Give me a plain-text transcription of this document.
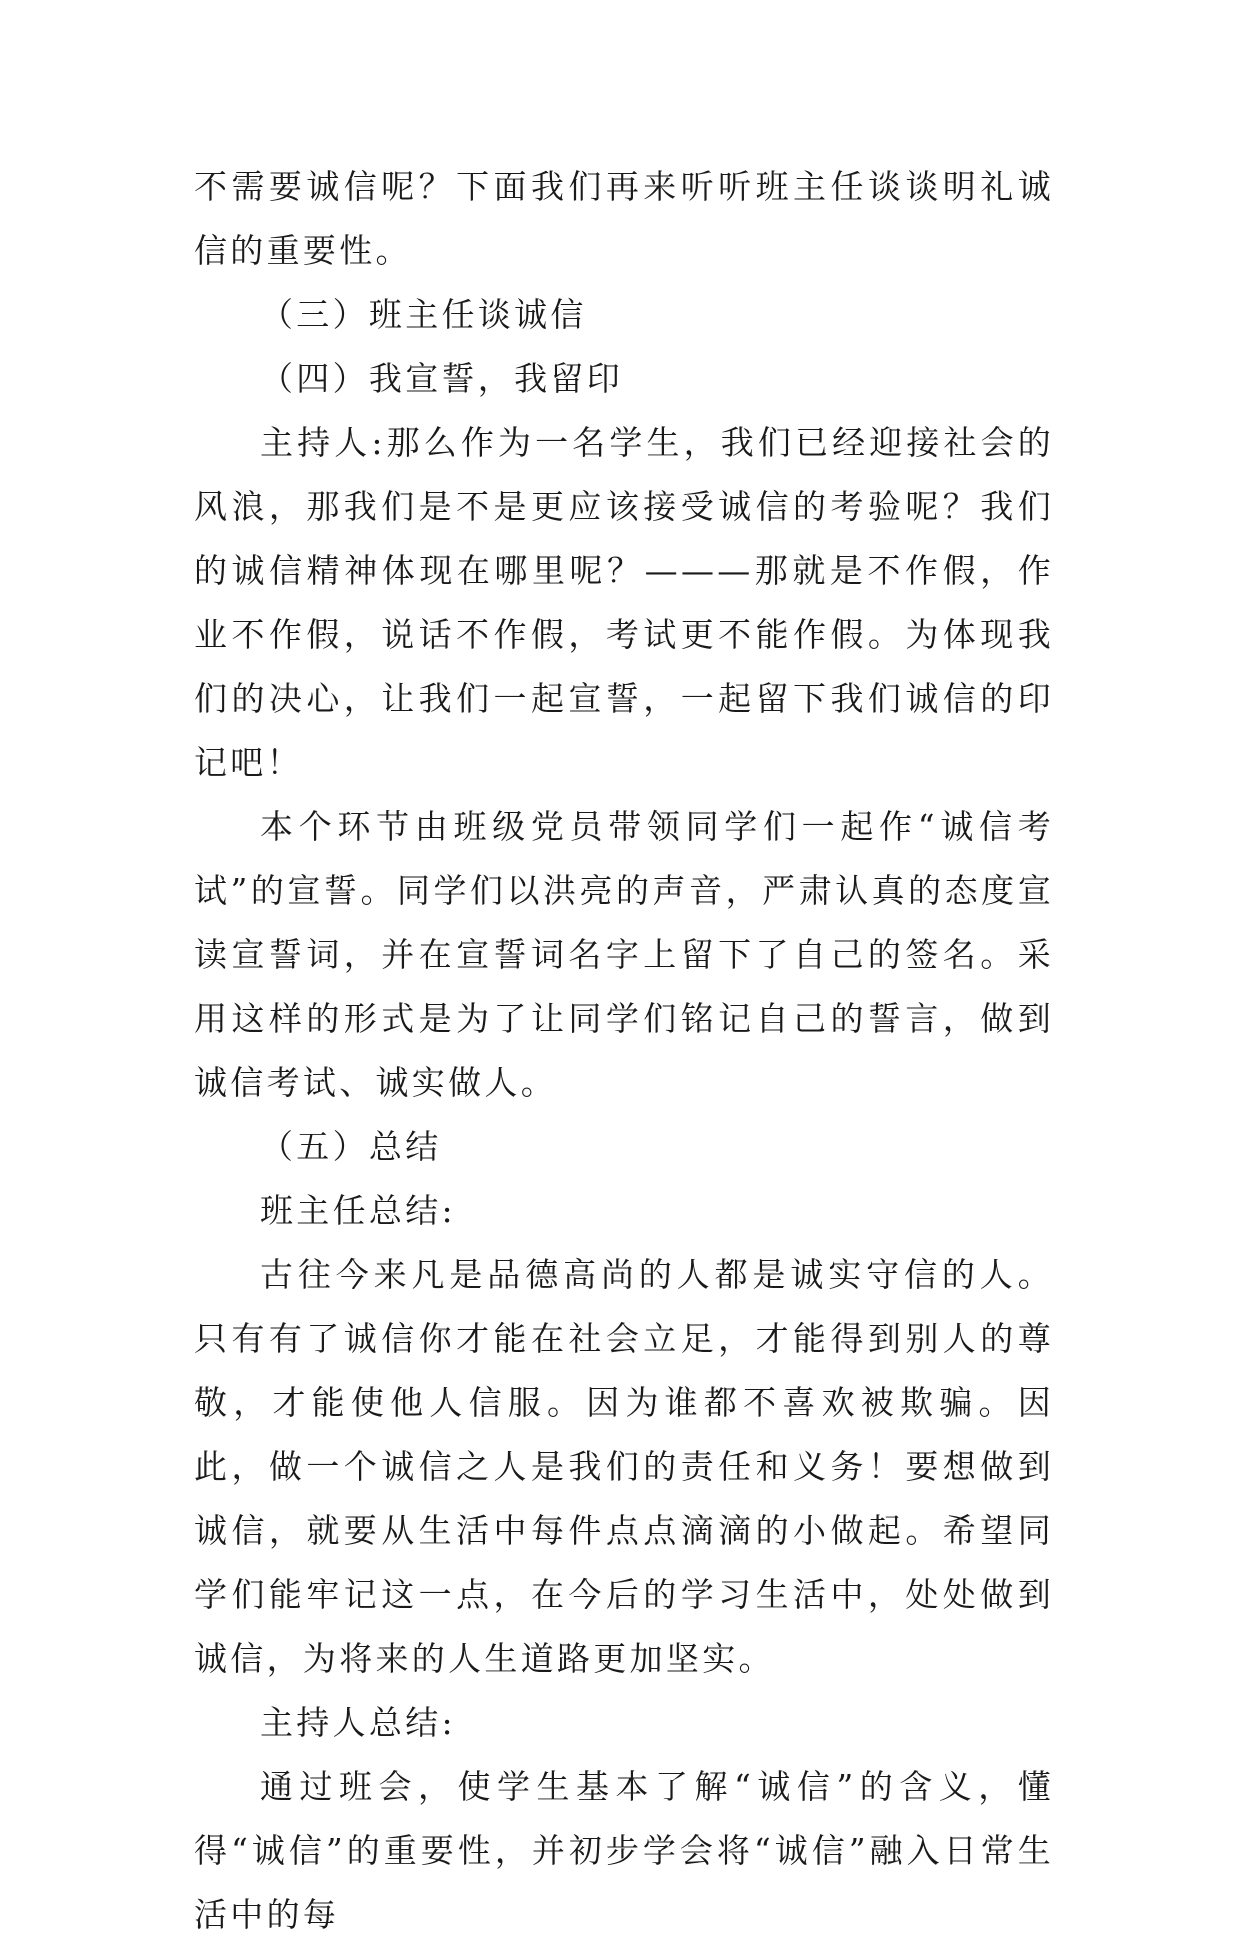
不需要诚信呢？下面我们再来听听班主任谈谈明礼诚信的重要性。

（三）班主任谈诚信

（四）我宣誓，我留印

主持人:那么作为一名学生，我们已经迎接社会的风浪，那我们是不是更应该接受诚信的考验呢？我们的诚信精神体现在哪里呢？———那就是不作假，作业不作假，说话不作假，考试更不能作假。为体现我们的决心，让我们一起宣誓，一起留下我们诚信的印记吧！

本个环节由班级党员带领同学们一起作“诚信考试”的宣誓。同学们以洪亮的声音，严肃认真的态度宣读宣誓词，并在宣誓词名字上留下了自己的签名。采用这样的形式是为了让同学们铭记自己的誓言，做到诚信考试、诚实做人。

（五）总结

班主任总结:

古往今来凡是品德高尚的人都是诚实守信的人。只有有了诚信你才能在社会立足，才能得到别人的尊敬，才能使他人信服。因为谁都不喜欢被欺骗。因此，做一个诚信之人是我们的责任和义务！要想做到诚信，就要从生活中每件点点滴滴的小做起。希望同学们能牢记这一点，在今后的学习生活中，处处做到诚信，为将来的人生道路更加坚实。

主持人总结:

通过班会，使学生基本了解“诚信”的含义，懂得“诚信”的重要性，并初步学会将“诚信”融入日常生活中的每
